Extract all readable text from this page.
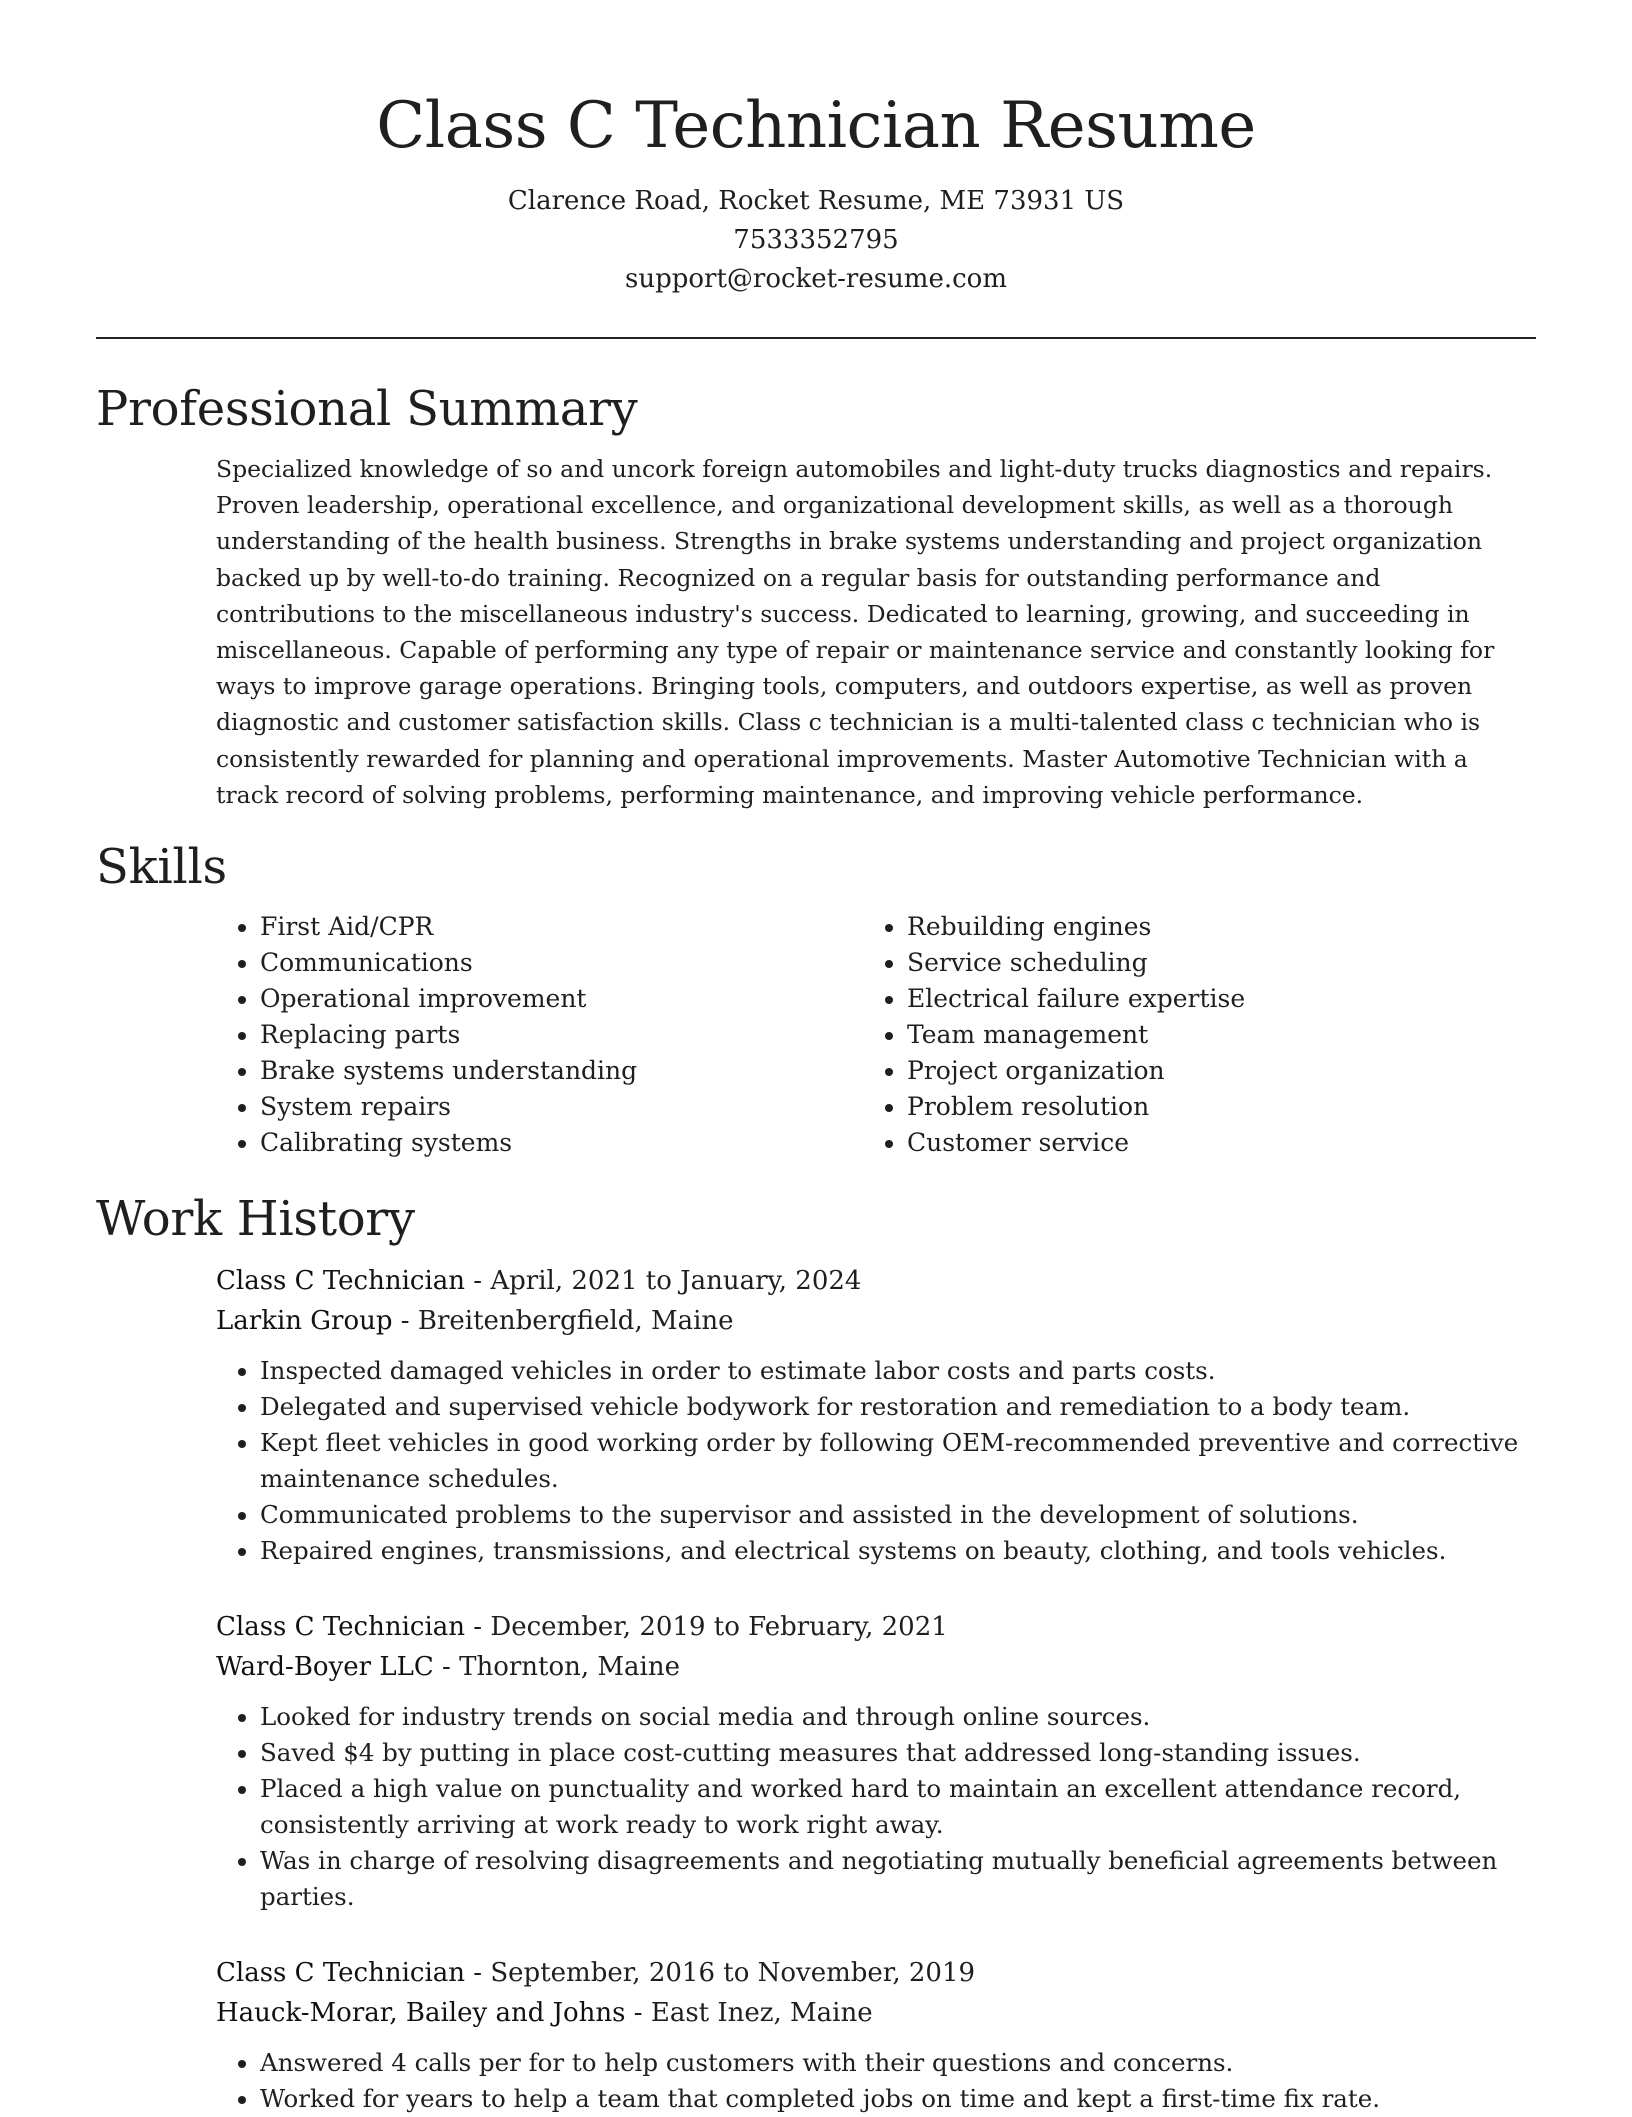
Class C Technician Resume
Clarence Road, Rocket Resume, ME 73931 US
7533352795
support@rocket-resume.com
Professional Summary

Specialized knowledge of so and uncork foreign automobiles and light-duty trucks diagnostics and repairs. Proven leadership, operational excellence, and organizational development skills, as well as a thorough understanding of the health business. Strengths in brake systems understanding and project organization backed up by well-to-do training. Recognized on a regular basis for outstanding performance and contributions to the miscellaneous industry's success. Dedicated to learning, growing, and succeeding in miscellaneous. Capable of performing any type of repair or maintenance service and constantly looking for ways to improve garage operations. Bringing tools, computers, and outdoors expertise, as well as proven diagnostic and customer satisfaction skills. Class c technician is a multi-talented class c technician who is consistently rewarded for planning and operational improvements. Master Automotive Technician with a track record of solving problems, performing maintenance, and improving vehicle performance.

Skills
• First Aid/CPR
• Communications
• Operational improvement
• Replacing parts
• Brake systems understanding
• System repairs
• Calibrating systems
• Rebuilding engines
• Service scheduling
• Electrical failure expertise
• Team management
• Project organization
• Problem resolution
• Customer service
Work History
Class C Technician - April, 2021 to January, 2024
Larkin Group - Breitenbergfield, Maine
• Inspected damaged vehicles in order to estimate labor costs and parts costs.
• Delegated and supervised vehicle bodywork for restoration and remediation to a body team.
• Kept fleet vehicles in good working order by following OEM-recommended preventive and corrective maintenance schedules.
• Communicated problems to the supervisor and assisted in the development of solutions.
• Repaired engines, transmissions, and electrical systems on beauty, clothing, and tools vehicles.
Class C Technician - December, 2019 to February, 2021
Ward-Boyer LLC - Thornton, Maine
• Looked for industry trends on social media and through online sources.
• Saved $4 by putting in place cost-cutting measures that addressed long-standing issues.
• Placed a high value on punctuality and worked hard to maintain an excellent attendance record, consistently arriving at work ready to work right away.
• Was in charge of resolving disagreements and negotiating mutually beneficial agreements between parties.
Class C Technician - September, 2016 to November, 2019
Hauck-Morar, Bailey and Johns - East Inez, Maine
• Answered 4 calls per for to help customers with their questions and concerns.
• Worked for years to help a team that completed jobs on time and kept a first-time fix rate.
